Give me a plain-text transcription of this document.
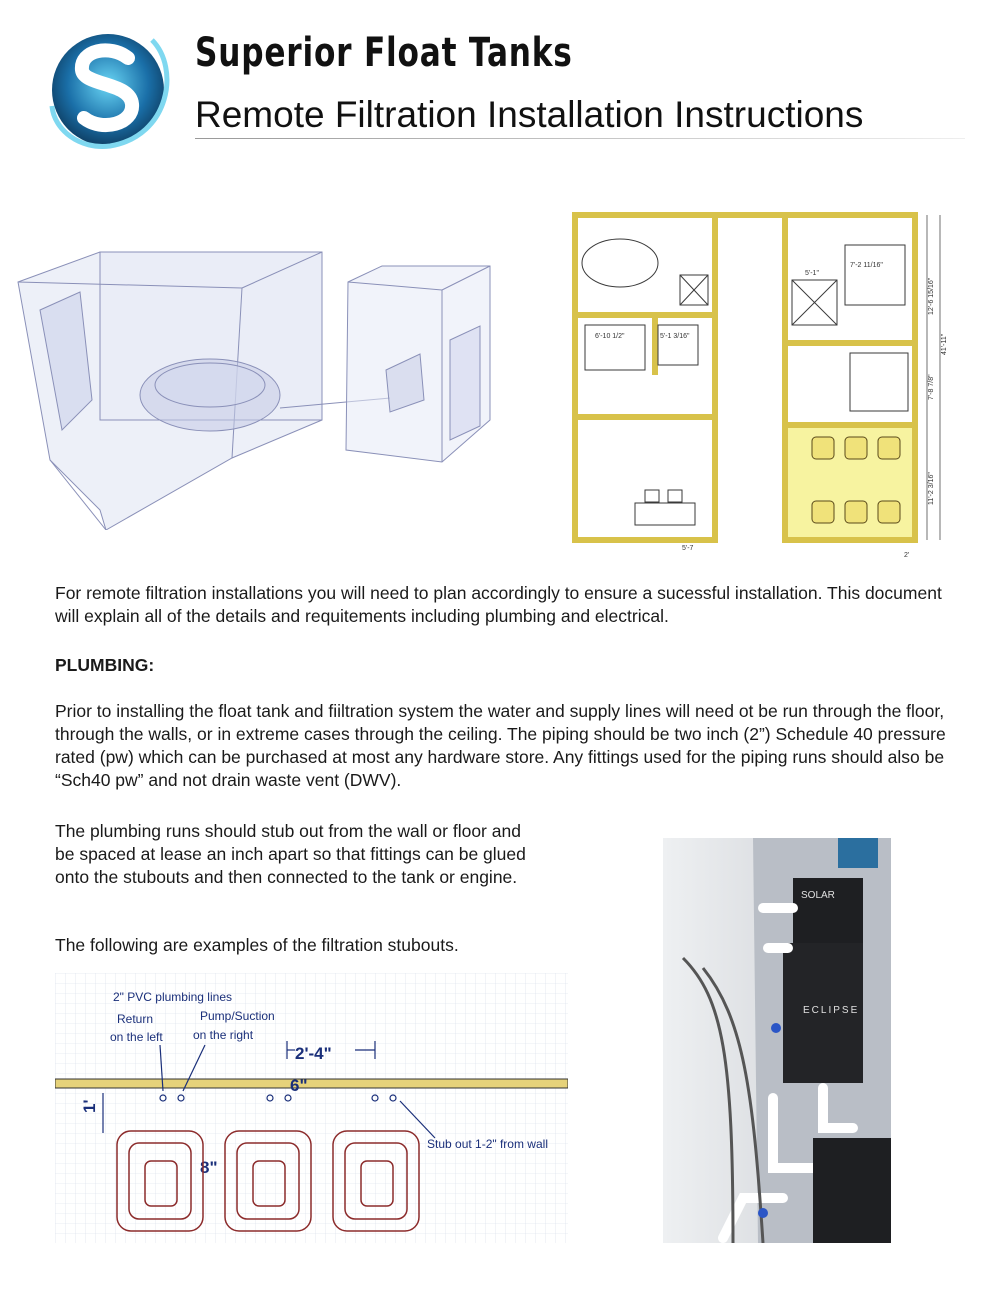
Superior Float Tanks
Remote Filtration Installation Instructions
5'-1"
7'-2 11/16"
6'-10 1/2"	5'-1 3/16"
5'-7
2'
12'-6 15/16"
7'-8 7/8"
11'-2 3/16"
41'-11"

For remote filtration installations you will need to plan accordingly to ensure a sucessful installation. This document will explain all of the details and requitements including plumbing and electrical.

PLUMBING:

Prior to installing the float tank and fiiltration system the water and supply lines will need ot be run through the floor, through the walls, or in extreme cases through the ceiling. The piping should be two inch (2”) Schedule 40 pressure rated (pw) which can be purchased at most any hardware store. Any fittings used for the piping runs should also be “Sch40 pw” and not drain waste vent (DWV).

The plumbing runs should stub out from the wall or floor and be spaced at lease an inch apart so that fittings can be glued onto the stubouts and then connected to the tank or engine.

The following are examples of the filtration stubouts.

2" PVC plumbing lines
Return
on the left
Pump/Suction
on the right
Stub out 1-2" from wall
2'-4"
6"
8"
1'
SOLAR
ECLIPSE
